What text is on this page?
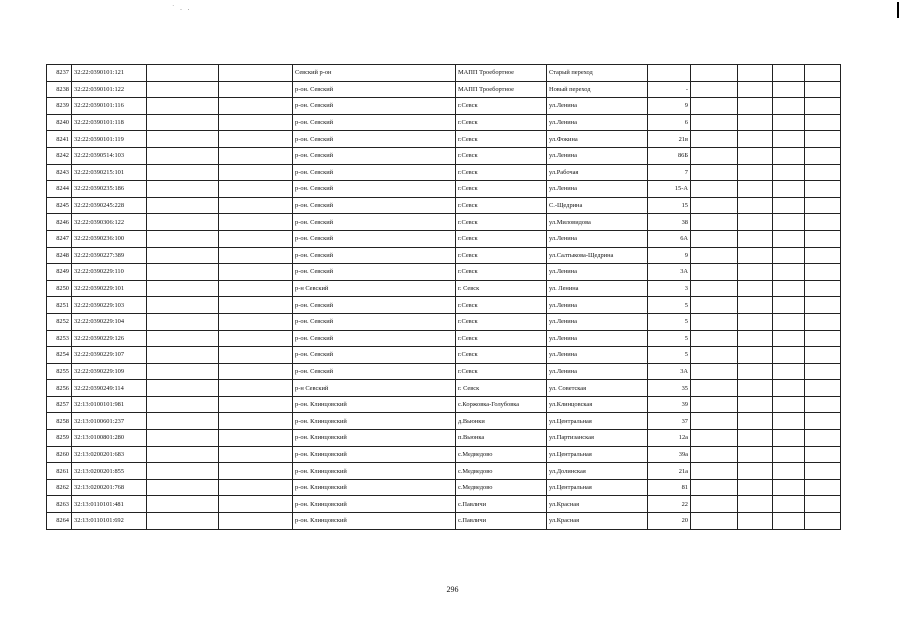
˙ . .
8237	32:22:0390101:121			Севский р-он	МАПП Троебортное	Старый переход					
8238	32:22:0390101:122			р-он. Севский	МАПП Троебортное	Новый переход	-				
8239	32:22:0390101:116			р-он. Севский	г.Севск	ул.Ленина	9				
8240	32:22:0390101:118			р-он. Севский	г.Севск	ул.Ленина	6				
8241	32:22:0390101:119			р-он. Севский	г.Севск	ул.Фокина	21в				
8242	32:22:0390514:103			р-он. Севский	г.Севск	ул.Ленина	86Б				
8243	32:22:0390215:101			р-он. Севский	г.Севск	ул.Рабочая	7				
8244	32:22:0390235:186			р-он. Севский	г.Севск	ул.Ленина	15-А				
8245	32:22:0390245:228			р-он. Севский	г.Севск	С.-Щедрина	15				
8246	32:22:0390306:122			р-он. Севский	г.Севск	ул.Миловидова	38				
8247	32:22:0390236:100			р-он. Севский	г.Севск	ул.Ленина	6А				
8248	32:22:0390227:389			р-он. Севский	г.Севск	ул.Салтыкова-Щедрина	9				
8249	32:22:0390229:110			р-он. Севский	г.Севск	ул.Ленина	3А				
8250	32:22:0390229:101			р-н Севский	г. Севск	ул. Ленина	3				
8251	32:22:0390229:103			р-он. Севский	г.Севск	ул.Ленина	5				
8252	32:22:0390229:104			р-он. Севский	г.Севск	ул.Ленина	5				
8253	32:22:0390229:126			р-он. Севский	г.Севск	ул.Ленина	5				
8254	32:22:0390229:107			р-он. Севский	г.Севск	ул.Ленина	5				
8255	32:22:0390229:109			р-он. Севский	г.Севск	ул.Ленина	3А				
8256	32:22:0390249:114			р-н Севский	г. Севск	ул. Советская	35				
8257	32:13:0100101:981			р-он. Клинцовский	с.Коржовка-Голубовка	ул.Клинцовская	39				
8258	32:13:0100601:237			р-он. Клинцовский	д.Вьюнки	ул.Центральная	37				
8259	32:13:0100801:280			р-он. Клинцовский	п.Вьюнка	ул.Партизанская	12а				
8260	32:13:0200201:683			р-он. Клинцовский	с.Медведово	ул.Центральная	39а				
8261	32:13:0200201:855			р-он. Клинцовский	с.Медведово	ул.Долинская	21а				
8262	32:13:0200201:768			р-он. Клинцовский	с.Медведово	ул.Центральная	81				
8263	32:13:0110101:481			р-он. Клинцовский	с.Павличи	ул.Красная	22				
8264	32:13:0110101:692			р-он. Клинцовский	с.Павличи	ул.Красная	20				
296
